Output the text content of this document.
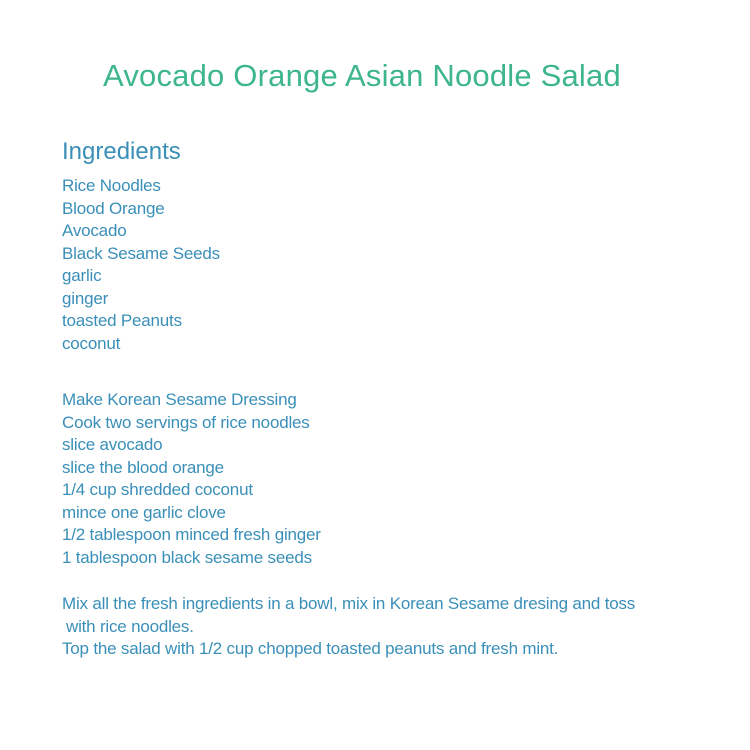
Avocado Orange Asian Noodle Salad
Ingredients
Rice Noodles
Blood Orange
Avocado
Black Sesame Seeds
garlic
ginger
toasted Peanuts
coconut
Make Korean Sesame Dressing
Cook two servings of rice noodles
slice avocado
slice the blood orange
1/4 cup shredded coconut
mince one garlic clove
1/2 tablespoon minced fresh ginger
1 tablespoon black sesame seeds
Mix all the fresh ingredients in a bowl, mix in Korean Sesame dresing and toss
with rice noodles.
Top the salad with 1/2 cup chopped toasted peanuts and fresh mint.
